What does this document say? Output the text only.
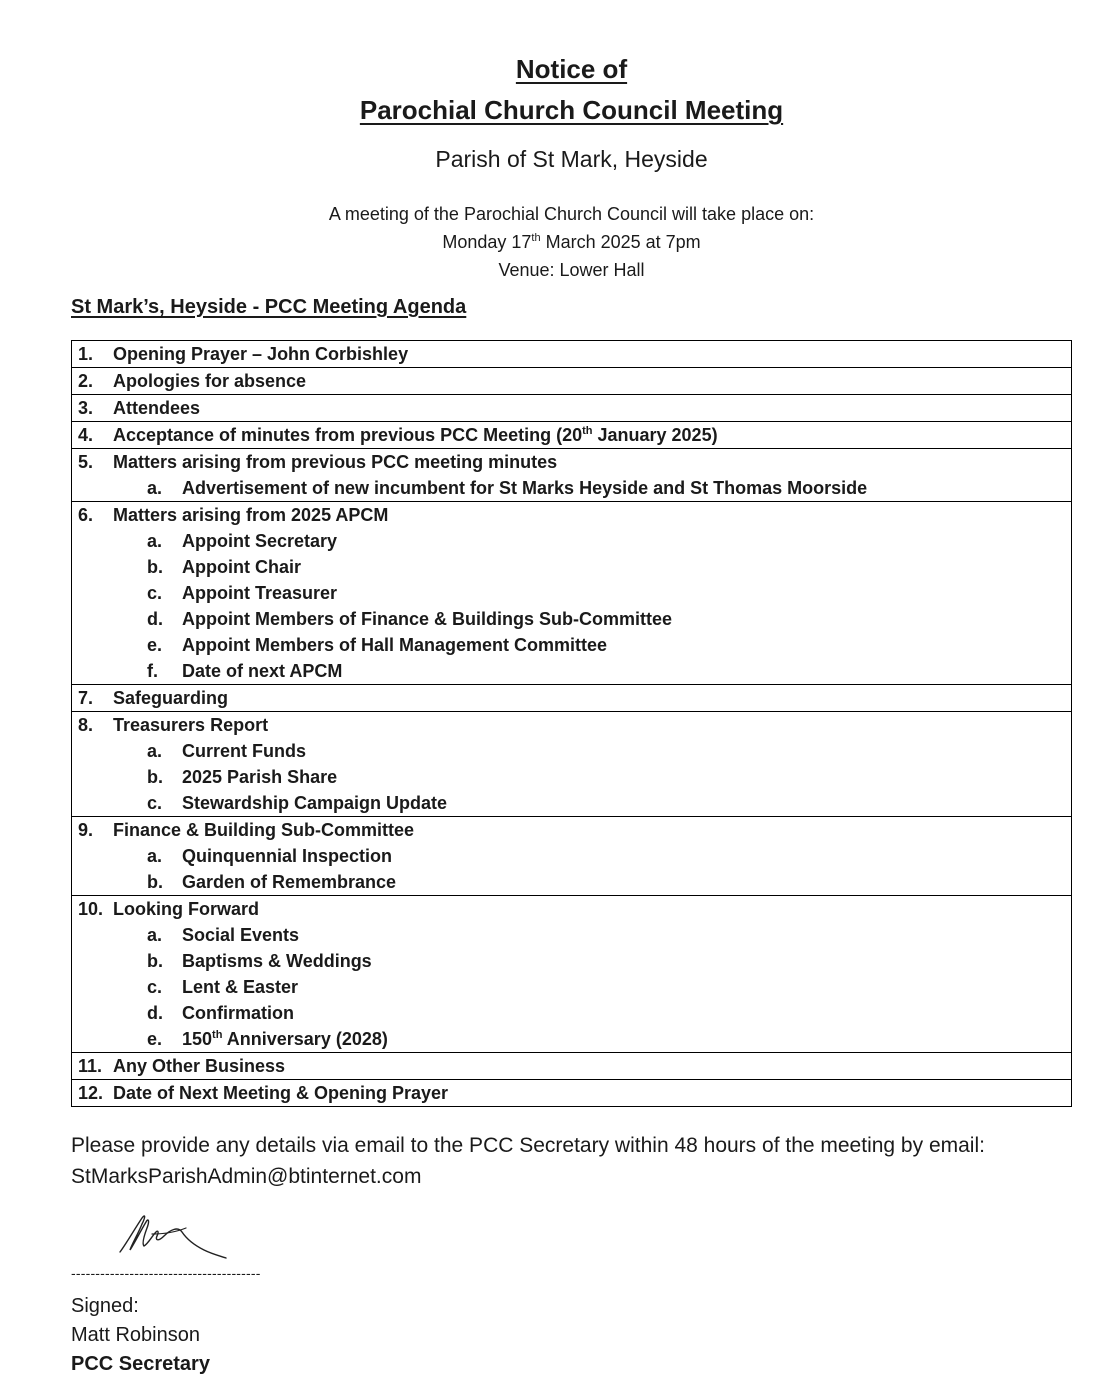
Notice of
Parochial Church Council Meeting
Parish of St Mark, Heyside
A meeting of the Parochial Church Council will take place on:
Monday 17th March 2025 at 7pm
Venue: Lower Hall
St Mark’s, Heyside - PCC Meeting Agenda
1. Opening Prayer – John Corbishley

2. Apologies for absence

3. Attendees

4. Acceptance of minutes from previous PCC Meeting (20th January 2025)

5. Matters arising from previous PCC meeting minutes
a. Advertisement of new incumbent for St Marks Heyside and St Thomas Moorside

6. Matters arising from 2025 APCM
a. Appoint Secretary
b. Appoint Chair
c. Appoint Treasurer
d. Appoint Members of Finance & Buildings Sub-Committee
e. Appoint Members of Hall Management Committee
f. Date of next APCM

7. Safeguarding

8. Treasurers Report
a. Current Funds
b. 2025 Parish Share
c. Stewardship Campaign Update

9. Finance & Building Sub-Committee
a. Quinquennial Inspection
b. Garden of Remembrance

10. Looking Forward
a. Social Events
b. Baptisms & Weddings
c. Lent & Easter
d. Confirmation
e. 150th Anniversary (2028)

11. Any Other Business

12. Date of Next Meeting & Opening Prayer
Please provide any details via email to the PCC Secretary within 48 hours of the meeting by email:
StMarksParishAdmin@btinternet.com
---------------------------------------
Signed:
Matt Robinson
PCC Secretary
